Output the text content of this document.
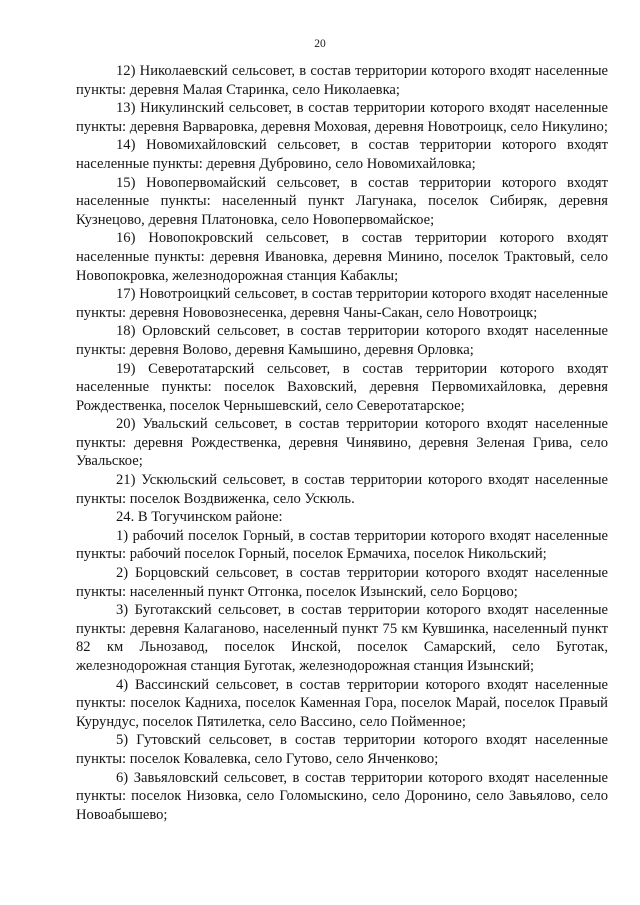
20

12) Николаевский сельсовет, в состав территории которого входят населенные пункты: деревня Малая Старинка, село Николаевка;

13) Никулинский сельсовет, в состав территории которого входят населенные пункты: деревня Варваровка, деревня Моховая, деревня Новотроицк, село Никулино;

14) Новомихайловский сельсовет, в состав территории которого входят населенные пункты: деревня Дубровино, село Новомихайловка;

15) Новопервомайский сельсовет, в состав территории которого входят населенные пункты: населенный пункт Лагунака, поселок Сибиряк, деревня Кузнецово, деревня Платоновка, село Новопервомайское;

16) Новопокровский сельсовет, в состав территории которого входят населенные пункты: деревня Ивановка, деревня Минино, поселок Трактовый, село Новопокровка, железнодорожная станция Кабаклы;

17) Новотроицкий сельсовет, в состав территории которого входят населенные пункты: деревня Нововознесенка, деревня Чаны-Сакан, село Новотроицк;

18) Орловский сельсовет, в состав территории которого входят населенные пункты: деревня Волово, деревня Камышино, деревня Орловка;

19) Северотатарский сельсовет, в состав территории которого входят населенные пункты: поселок Ваховский, деревня Первомихайловка, деревня Рождественка, поселок Чернышевский, село Северотатарское;

20) Увальский сельсовет, в состав территории которого входят населенные пункты: деревня Рождественка, деревня Чинявино, деревня Зеленая Грива, село Увальское;

21) Ускюльский сельсовет, в состав территории которого входят населенные пункты: поселок Воздвиженка, село Ускюль.

24. В Тогучинском районе:

1) рабочий поселок Горный, в состав территории которого входят населенные пункты: рабочий поселок Горный, поселок Ермачиха, поселок Никольский;

2) Борцовский сельсовет, в состав территории которого входят населенные пункты: населенный пункт Отгонка, поселок Изынский, село Борцово;

3) Буготакский сельсовет, в состав территории которого входят населенные пункты: деревня Калаганово, населенный пункт 75 км Кувшинка, населенный пункт 82 км Льнозавод, поселок Инской, поселок Самарский, село Буготак, железнодорожная станция Буготак, железнодорожная станция Изынский;

4) Вассинский сельсовет, в состав территории которого входят населенные пункты: поселок Кадниха, поселок Каменная Гора, поселок Марай, поселок Правый Курундус, поселок Пятилетка, село Вассино, село Пойменное;

5) Гутовский сельсовет, в состав территории которого входят населенные пункты: поселок Ковалевка, село Гутово, село Янченково;

6) Завьяловский сельсовет, в состав территории которого входят населенные пункты: поселок Низовка, село Голомыскино, село Доронино, село Завьялово, село Новоабышево;
